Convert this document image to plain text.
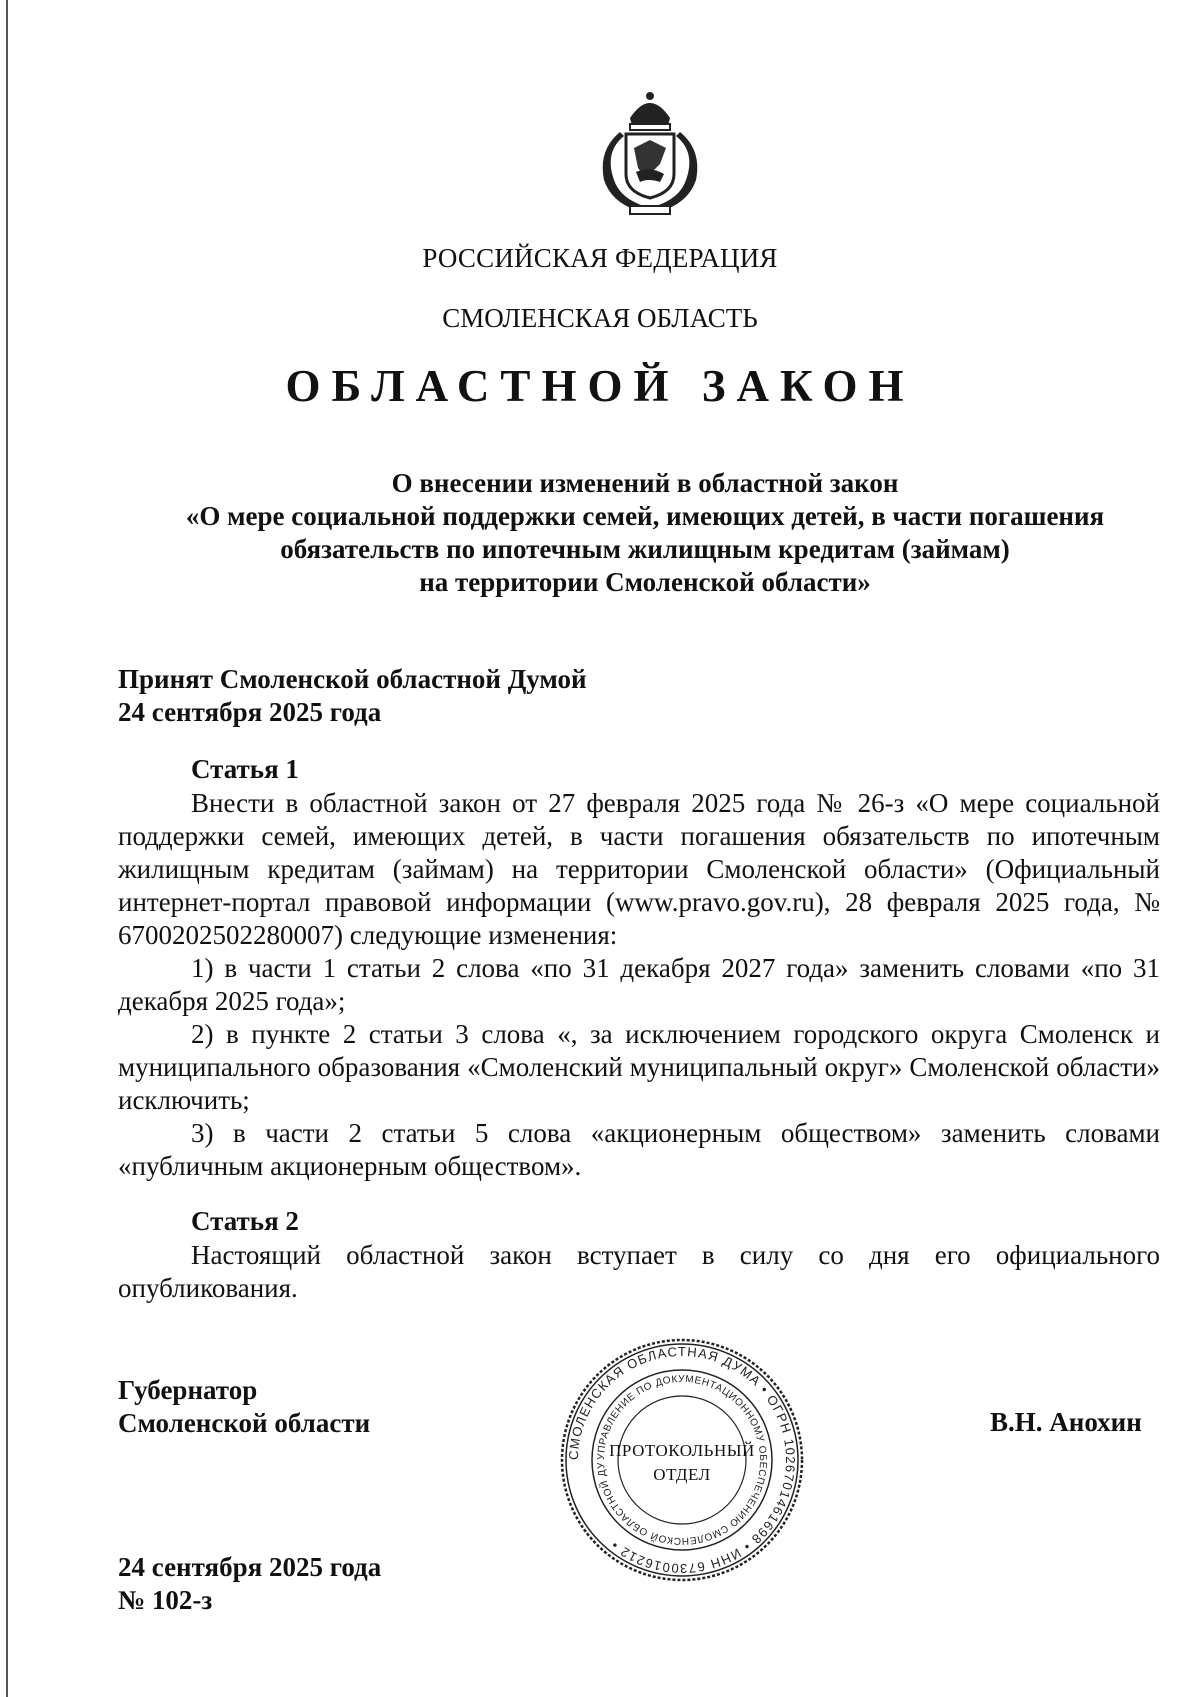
РОССИЙСКАЯ ФЕДЕРАЦИЯ
СМОЛЕНСКАЯ ОБЛАСТЬ
ОБЛАСТНОЙ ЗАКОН
О внесении изменений в областной закон
«О мере социальной поддержки семей, имеющих детей, в части погашения
обязательств по ипотечным жилищным кредитам (займам)
на территории Смоленской области»
Принят Смоленской областной Думой
24 сентября 2025 года
Статья 1

Внести в областной закон от 27 февраля 2025 года № 26-з «О мере социальной поддержки семей, имеющих детей, в части погашения обязательств по ипотечным жилищным кредитам (займам) на территории Смоленской области» (Официальный интернет-портал правовой информации (www.pravo.gov.ru), 28 февраля 2025 года, № 6700202502280007) следующие изменения:

1) в части 1 статьи 2 слова «по 31 декабря 2027 года» заменить словами «по 31 декабря 2025 года»;

2) в пункте 2 статьи 3 слова «, за исключением городского округа Смоленск и муниципального образования «Смоленский муниципальный округ» Смоленской области» исключить;

3) в части 2 статьи 5 слова «акционерным обществом» заменить словами «публичным акционерным обществом».

Статья 2

Настоящий областной закон вступает в силу со дня его официального опубликования.

Губернатор
Смоленской области	В.Н. Анохин
24 сентября 2025 года
№ 102-з
СМОЛЕНСКАЯ ОБЛАСТНАЯ ДУМА • ОГРН 1026701461698 • ИНН 6730016212 •
УПРАВЛЕНИЕ ПО ДОКУМЕНТАЦИОННОМУ ОБЕСПЕЧЕНИЮ СМОЛЕНСКОЙ ОБЛАСТНОЙ ДУ
ПРОТОКОЛЬНЫЙ
ОТДЕЛ
